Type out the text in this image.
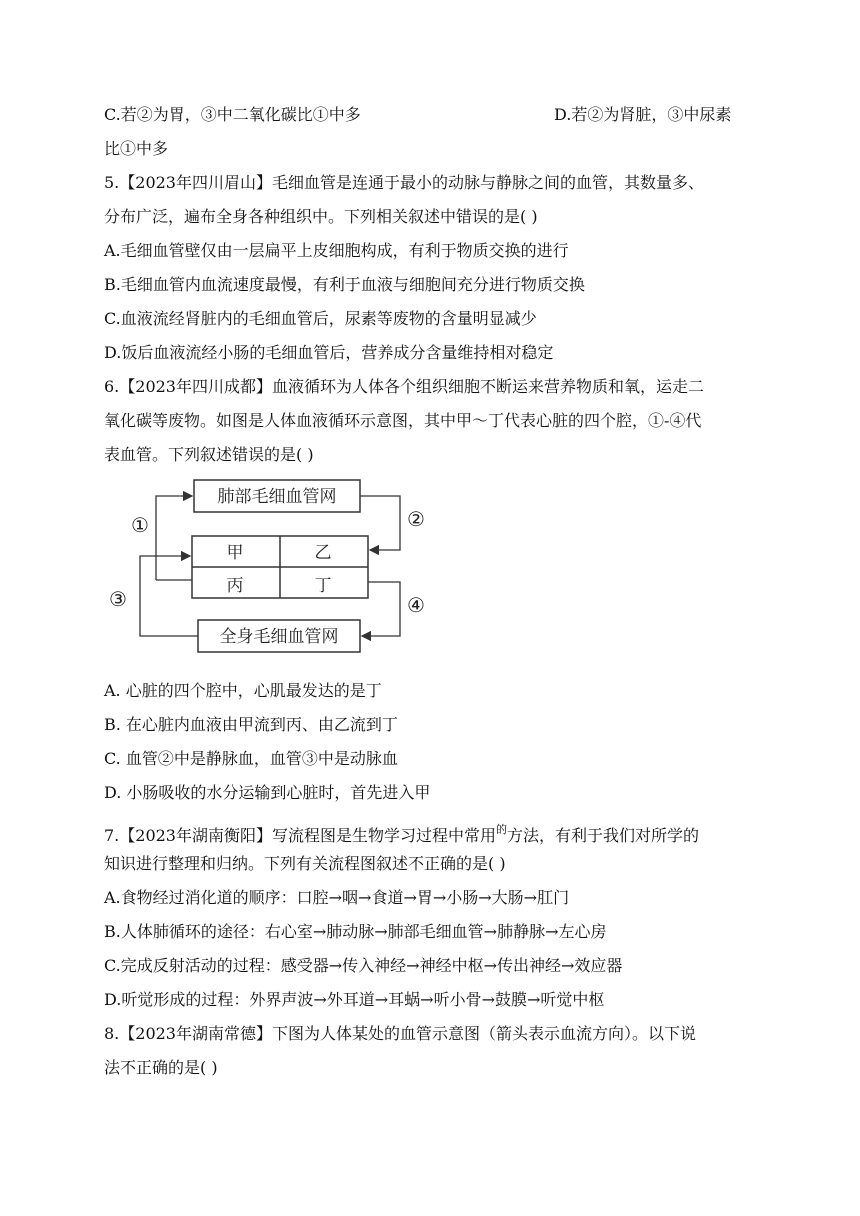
C.若②为胃，③中二氧化碳比①中多	D.若②为肾脏，③中尿素
比①中多
5.【2023年四川眉山】毛细血管是连通于最小的动脉与静脉之间的血管，其数量多、
分布广泛，遍布全身各种组织中。下列相关叙述中错误的是( )
A.毛细血管壁仅由一层扁平上皮细胞构成，有利于物质交换的进行
B.毛细血管内血流速度最慢，有利于血液与细胞间充分进行物质交换
C.血液流经肾脏内的毛细血管后，尿素等废物的含量明显减少
D.饭后血液流经小肠的毛细血管后，营养成分含量维持相对稳定
6.【2023年四川成都】血液循环为人体各个组织细胞不断运来营养物质和氧，运走二
氧化碳等废物。如图是人体血液循环示意图，其中甲～丁代表心脏的四个腔，①-④代
表血管。下列叙述错误的是( )
肺部毛细血管网
甲	乙
丙	丁
全身毛细血管网
①	②
③	④
A. 心脏的四个腔中，心肌最发达的是丁
B. 在心脏内血液由甲流到丙、由乙流到丁
C. 血管②中是静脉血，血管③中是动脉血
D. 小肠吸收的水分运输到心脏时，首先进入甲
7.【2023年湖南衡阳】写流程图是生物学习过程中常用$^的$方法，有利于我们对所学的
知识进行整理和归纳。下列有关流程图叙述不正确的是( )
A.食物经过消化道的顺序：口腔→咽→食道→胃→小肠→大肠→肛门
B.人体肺循环的途径：右心室→肺动脉→肺部毛细血管→肺静脉→左心房
C.完成反射活动的过程：感受器→传入神经→神经中枢→传出神经→效应器
D.听觉形成的过程：外界声波→外耳道→耳蜗→听小骨→鼓膜→听觉中枢
8.【2023年湖南常德】下图为人体某处的血管示意图（箭头表示血流方向）。以下说
法不正确的是( )
